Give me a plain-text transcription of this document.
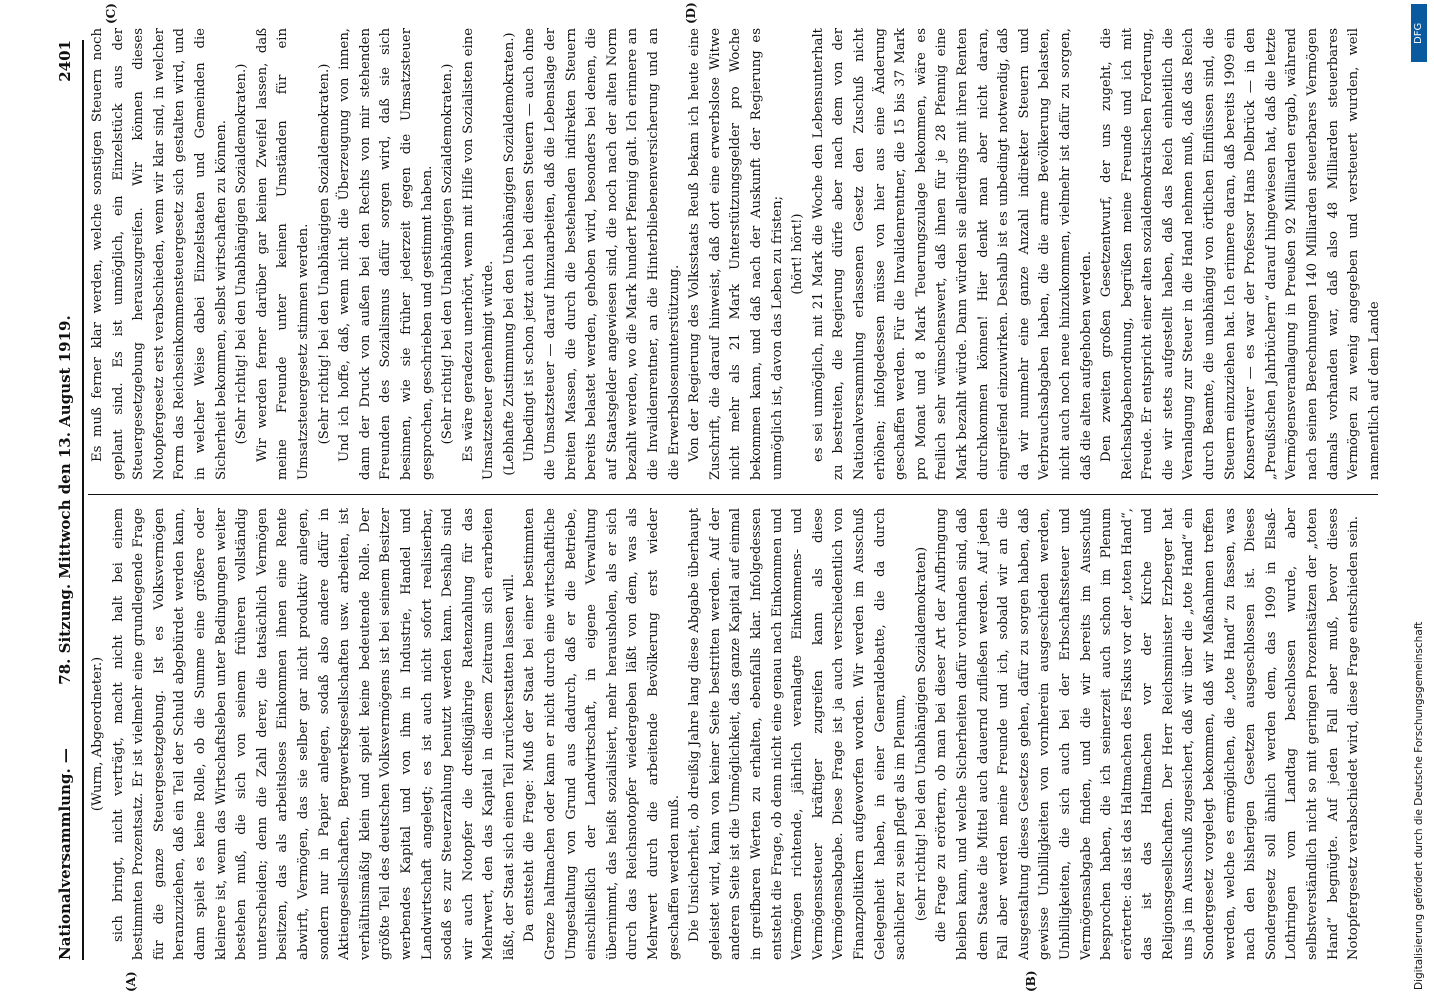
Nationalversammlung. —
78. Sitzung. Mittwoch den 13. August 1919.
2401
(A)	(B)
(C)	(D)

(Wurm, Abgeordneter.) sich bringt, nicht verträgt, macht nicht halt bei einem bestimmten Prozentsatz. Er ist vielmehr eine grundlegende Frage für die ganze Steuergesetzgebung. Ist es Volksvermögen heranzuziehen, daß ein Teil der Schuld abgebürdet werden kann, dann spielt es keine Rolle, ob die Summe eine größere oder kleinere ist, wenn das Wirtschaftsleben unter Bedingungen weiter bestehen muß, die sich von seinem früheren vollständig unterscheiden; denn die Zahl derer, die tatsächlich Vermögen besitzen, das als arbeitsloses Einkommen ihnen eine Rente abwirft, Vermögen, das sie selber gar nicht produktiv anlegen, sondern nur in Papier anlegen, sodaß also andere dafür in Aktiengesellschaften, Bergwerksgesellschaften usw. arbeiten, ist verhältnismäßig klein und spielt keine bedeutende Rolle. Der größte Teil des deutschen Volksvermögens ist bei seinem Besitzer werbendes Kapital und von ihm in Industrie, Handel und Landwirtschaft angelegt; es ist auch nicht sofort realisierbar, sodaß es zur Steuerzahlung benutzt werden kann. Deshalb sind wir auch Notopfer die dreißigjährige Ratenzahlung für das Mehrwert, den das Kapital in diesem Zeitraum sich erarbeiten läßt, der Staat sich einen Teil zurückerstatten lassen will. Da entsteht die Frage: Muß der Staat bei einer bestimmten Grenze haltmachen oder kann er nicht durch eine wirtschaftliche Umgestaltung von Grund aus dadurch, daß er die Betriebe, einschließlich der Landwirtschaft, in eigene Verwaltung übernimmt, das heißt sozialisiert, mehr herausholen, als er sich durch das Reichsnotopfer wiedergeben läßt von dem, was als Mehrwert durch die arbeitende Bevölkerung erst wieder geschaffen werden muß. Die Unsicherheit, ob dreißig Jahre lang diese Abgabe überhaupt geleistet wird, kann von keiner Seite bestritten werden. Auf der anderen Seite ist die Unmöglichkeit, das ganze Kapital auf einmal in greifbaren Werten zu erhalten, ebenfalls klar. Infolgedessen entsteht die Frage, ob denn nicht eine genau nach Einkommen und Vermögen richtende, jährlich veranlagte Einkommens- und Vermögenssteuer kräftiger zugreifen kann als diese Vermögensabgabe. Diese Frage ist ja auch verschiedentlich von Finanzpolitikern aufgeworfen worden. Wir werden im Ausschuß Gelegenheit haben, in einer Generaldebatte, die da durch sachlicher zu sein pflegt als im Plenum, (sehr richtig! bei den Unabhängigen Sozialdemokraten) die Frage zu erörtern, ob man bei dieser Art der Aufbringung bleiben kann, und welche Sicherheiten dafür vorhanden sind, daß dem Staate die Mittel auch dauernd zufließen werden. Auf jeden Fall aber werden meine Freunde und ich, sobald wir an die Ausgestaltung dieses Gesetzes gehen, dafür zu sorgen haben, daß gewisse Unbilligkeiten von vornherein ausgeschieden werden, Unbilligkeiten, die sich auch bei der Erbschaftssteuer und Vermögensabgabe finden, und die wir bereits im Ausschuß besprochen haben, die ich seinerzeit auch schon im Plenum erörterte: das ist das Haltmachen des Fiskus vor der „toten Hand“, das ist das Haltmachen vor der Kirche und Religionsgesellschaften. Der Herr Reichsminister Erzberger hat uns ja im Ausschuß zugesichert, daß wir über die „tote Hand“ ein Sondergesetz vorgelegt bekommen, daß wir Maßnahmen treffen werden, welche es ermöglichen, die „tote Hand“ zu fassen, was nach den bisherigen Gesetzen ausgeschlossen ist. Dieses Sondergesetz soll ähnlich werden dem, das 1909 in Elsaß-Lothringen vom Landtag beschlossen wurde, aber selbstverständlich nicht so mit geringen Prozentsätzen der „toten Hand“ begnügte. Auf jeden Fall aber muß, bevor dieses Notopfergesetz verabschiedet wird, diese Frage entschieden sein.

Es muß ferner klar werden, welche sonstigen Steuern noch geplant sind. Es ist unmöglich, ein Einzelstück aus der Steuergesetzgebung herauszugreifen. Wir können dieses Notopfergesetz erst verabschieden, wenn wir klar sind, in welcher Form das Reichseinkommensteuergesetz sich gestalten wird, und in welcher Weise dabei Einzelstaaten und Gemeinden die Sicherheit bekommen, selbst wirtschaften zu können. (Sehr richtig! bei den Unabhängigen Sozialdemokraten.) Wir werden ferner darüber gar keinen Zweifel lassen, daß meine Freunde unter keinen Umständen für ein Umsatzsteuergesetz stimmen werden. (Sehr richtig! bei den Unabhängigen Sozialdemokraten.) Und ich hoffe, daß, wenn nicht die Überzeugung von innen, dann der Druck von außen bei den Rechts von mir stehenden Freunden des Sozialismus dafür sorgen wird, daß sie sich besinnen, wie sie früher jederzeit gegen die Umsatzsteuer gesprochen, geschrieben und gestimmt haben. (Sehr richtig! bei den Unabhängigen Sozialdemokraten.) Es wäre geradezu unerhört, wenn mit Hilfe von Sozialisten eine Umsatzsteuer genehmigt würde. (Lebhafte Zustimmung bei den Unabhängigen Sozialdemokraten.) Unbedingt ist schon jetzt auch bei diesen Steuern — auch ohne die Umsatzsteuer — darauf hinzuarbeiten, daß die Lebenslage der breiten Massen, die durch die bestehenden indirekten Steuern bereits belastet werden, gehoben wird, besonders bei denen, die auf Staatsgelder angewiesen sind, die noch nach der alten Norm bezahlt werden, wo die Mark hundert Pfennig galt. Ich erinnere an die Invalidenrentner, an die Hinterbliebenenversicherung und an die Erwerbslosenunterstützung. Von der Regierung des Volksstaats Reuß bekam ich heute eine Zuschrift, die darauf hinweist, daß dort eine erwerbslose Witwe nicht mehr als 21 Mark Unterstützungsgelder pro Woche bekommen kann, und daß nach der Auskunft der Regierung es unmöglich ist, davon das Leben zu fristen; (hört! hört!) es sei unmöglich, mit 21 Mark die Woche den Lebensunterhalt zu bestreiten, die Regierung dürfe aber nach dem von der Nationalversammlung erlassenen Gesetz den Zuschuß nicht erhöhen; infolgedessen müsse von hier aus eine Änderung geschaffen werden. Für die Invalidenrentner, die 15 bis 37 Mark pro Monat und 8 Mark Teuerungszulage bekommen, wäre es freilich sehr wünschenswert, daß ihnen für je 28 Pfennig eine Mark bezahlt würde. Dann würden sie allerdings mit ihren Renten durchkommen können! Hier denkt man aber nicht daran, eingreifend einzuwirken. Deshalb ist es unbedingt notwendig, daß da wir nunmehr eine ganze Anzahl indirekter Steuern und Verbrauchsabgaben haben, die die arme Bevölkerung belasten, nicht auch noch neue hinzukommen, vielmehr ist dafür zu sorgen, daß die alten aufgehoben werden. Den zweiten großen Gesetzentwurf, der uns zugeht, die Reichsabgabenordnung, begrüßen meine Freunde und ich mit Freude. Er entspricht einer alten sozialdemokratischen Forderung, die wir stets aufgestellt haben, daß das Reich einheitlich die Veranlagung zur Steuer in die Hand nehmen muß, daß das Reich durch Beamte, die unabhängig von örtlichen Einflüssen sind, die Steuern einzuziehen hat. Ich erinnere daran, daß bereits 1909 ein Konservativer — es war der Professor Hans Delbrück — in den „Preußischen Jahrbüchern“ darauf hingewiesen hat, daß die letzte Vermögensveranlagung in Preußen 92 Milliarden ergab, während nach seinen Berechnungen 140 Milliarden steuerbares Vermögen damals vorhanden war, daß also 48 Milliarden steuerbares Vermögen zu wenig angegeben und versteuert wurden, weil namentlich auf dem Lande

DFG
Digitalisierung gefördert durch die Deutsche Forschungsgemeinschaft
